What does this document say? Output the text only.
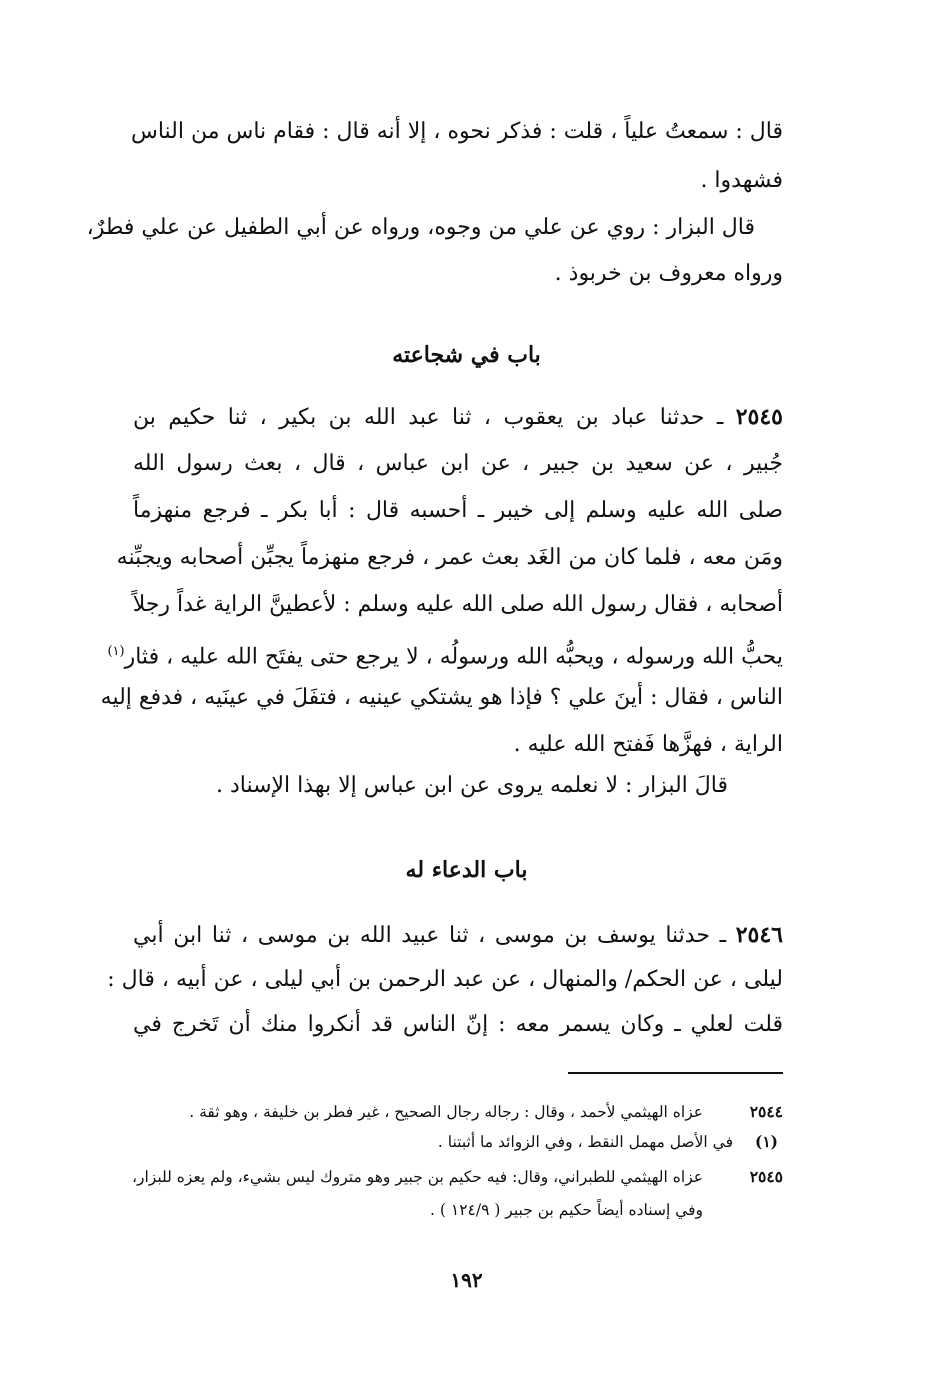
قال : سمعتُ علياً ، قلت : فذكر نحوه ، إلا أنه قال : فقام ناس من الناس
فشهدوا .
قال البزار : روي عن علي من وجوه، ورواه عن أبي الطفيل عن علي فطرٌ،
ورواه معروف بن خربوذ .
باب في شجاعته
٢٥٤٥ ـ حدثنا عباد بن يعقوب ، ثنا عبد الله بن بكير ، ثنا حكيم بن
جُبير ، عن سعيد بن جبير ، عن ابن عباس ، قال ، بعث رسول الله
صلى الله عليه وسلم إلى خيبر ـ أحسبه قال : أبا بكر ـ فرجع منهزماً
ومَن معه ، فلما كان من الغَد بعث عمر ، فرجع منهزماً يجبِّن أصحابه ويجبِّنه
أصحابه ، فقال رسول الله صلى الله عليه وسلم : لأعطينَّ الراية غداً رجلاً
يحبُّ الله ورسوله ، ويحبُّه الله ورسولُه ، لا يرجع حتى يفتَح الله عليه ، فثار$^{(١)}$
الناس ، فقال : أينَ علي ؟ فإذا هو يشتكي عينيه ، فتفَلَ في عينَيه ، فدفع إليه
الراية ، فهزَّها فَفتح الله عليه .
قالَ البزار : لا نعلمه يروى عن ابن عباس إلا بهذا الإسناد .
باب الدعاء له
٢٥٤٦ ـ حدثنا يوسف بن موسى ، ثنا عبيد الله بن موسى ، ثنا ابن أبي
ليلى ، عن الحكم/ والمنهال ، عن عبد الرحمن بن أبي ليلى ، عن أبيه ، قال :
قلت لعلي ـ وكان يسمر معه : إنّ الناس قد أنكروا منك أن تَخرج في
٢٥٤٤
عزاه الهيثمي لأحمد ، وقال : رجاله رجال الصحيح ، غير فطر بن خليفة ، وهو ثقة .
(١)
في الأصل مهمل النقط ، وفي الزوائد ما أثبتنا .
٢٥٤٥
عزاه الهيثمي للطبراني، وقال: فيه حكيم بن جبير وهو متروك ليس بشيء، ولم يعزه للبزار،
وفي إسناده أيضاً حكيم بن جبير ( ١٢٤/٩ ) .
١٩٢
